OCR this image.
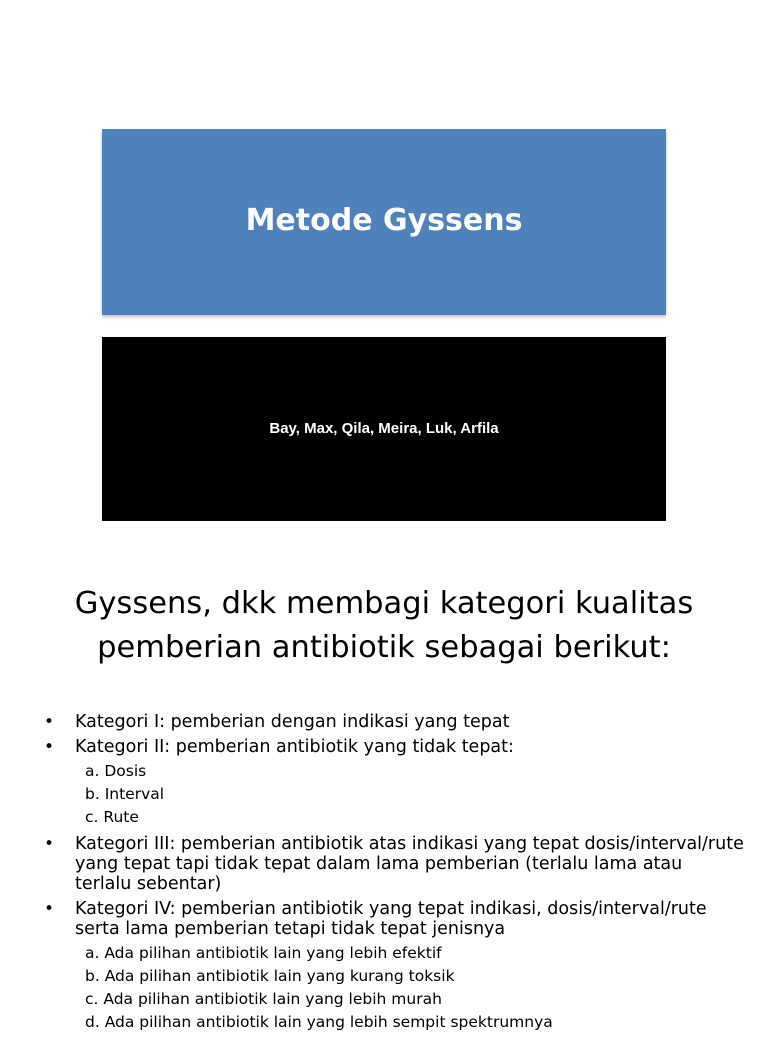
Metode Gyssens
Bay, Max, Qila, Meira, Luk, Arfila
Gyssens, dkk membagi kategori kualitas
pemberian antibiotik sebagai berikut:
• Kategori I: pemberian dengan indikasi yang tepat
• Kategori II: pemberian antibiotik yang tidak tepat:
a. Dosis
b. Interval
c. Rute
• Kategori III: pemberian antibiotik atas indikasi yang tepat dosis/interval/rute yang tepat tapi tidak tepat dalam lama pemberian (terlalu lama atau terlalu sebentar)
• Kategori IV: pemberian antibiotik yang tepat indikasi, dosis/interval/rute serta lama pemberian tetapi tidak tepat jenisnya
a. Ada pilihan antibiotik lain yang lebih efektif
b. Ada pilihan antibiotik lain yang kurang toksik
c. Ada pilihan antibiotik lain yang lebih murah
d. Ada pilihan antibiotik lain yang lebih sempit spektrumnya
